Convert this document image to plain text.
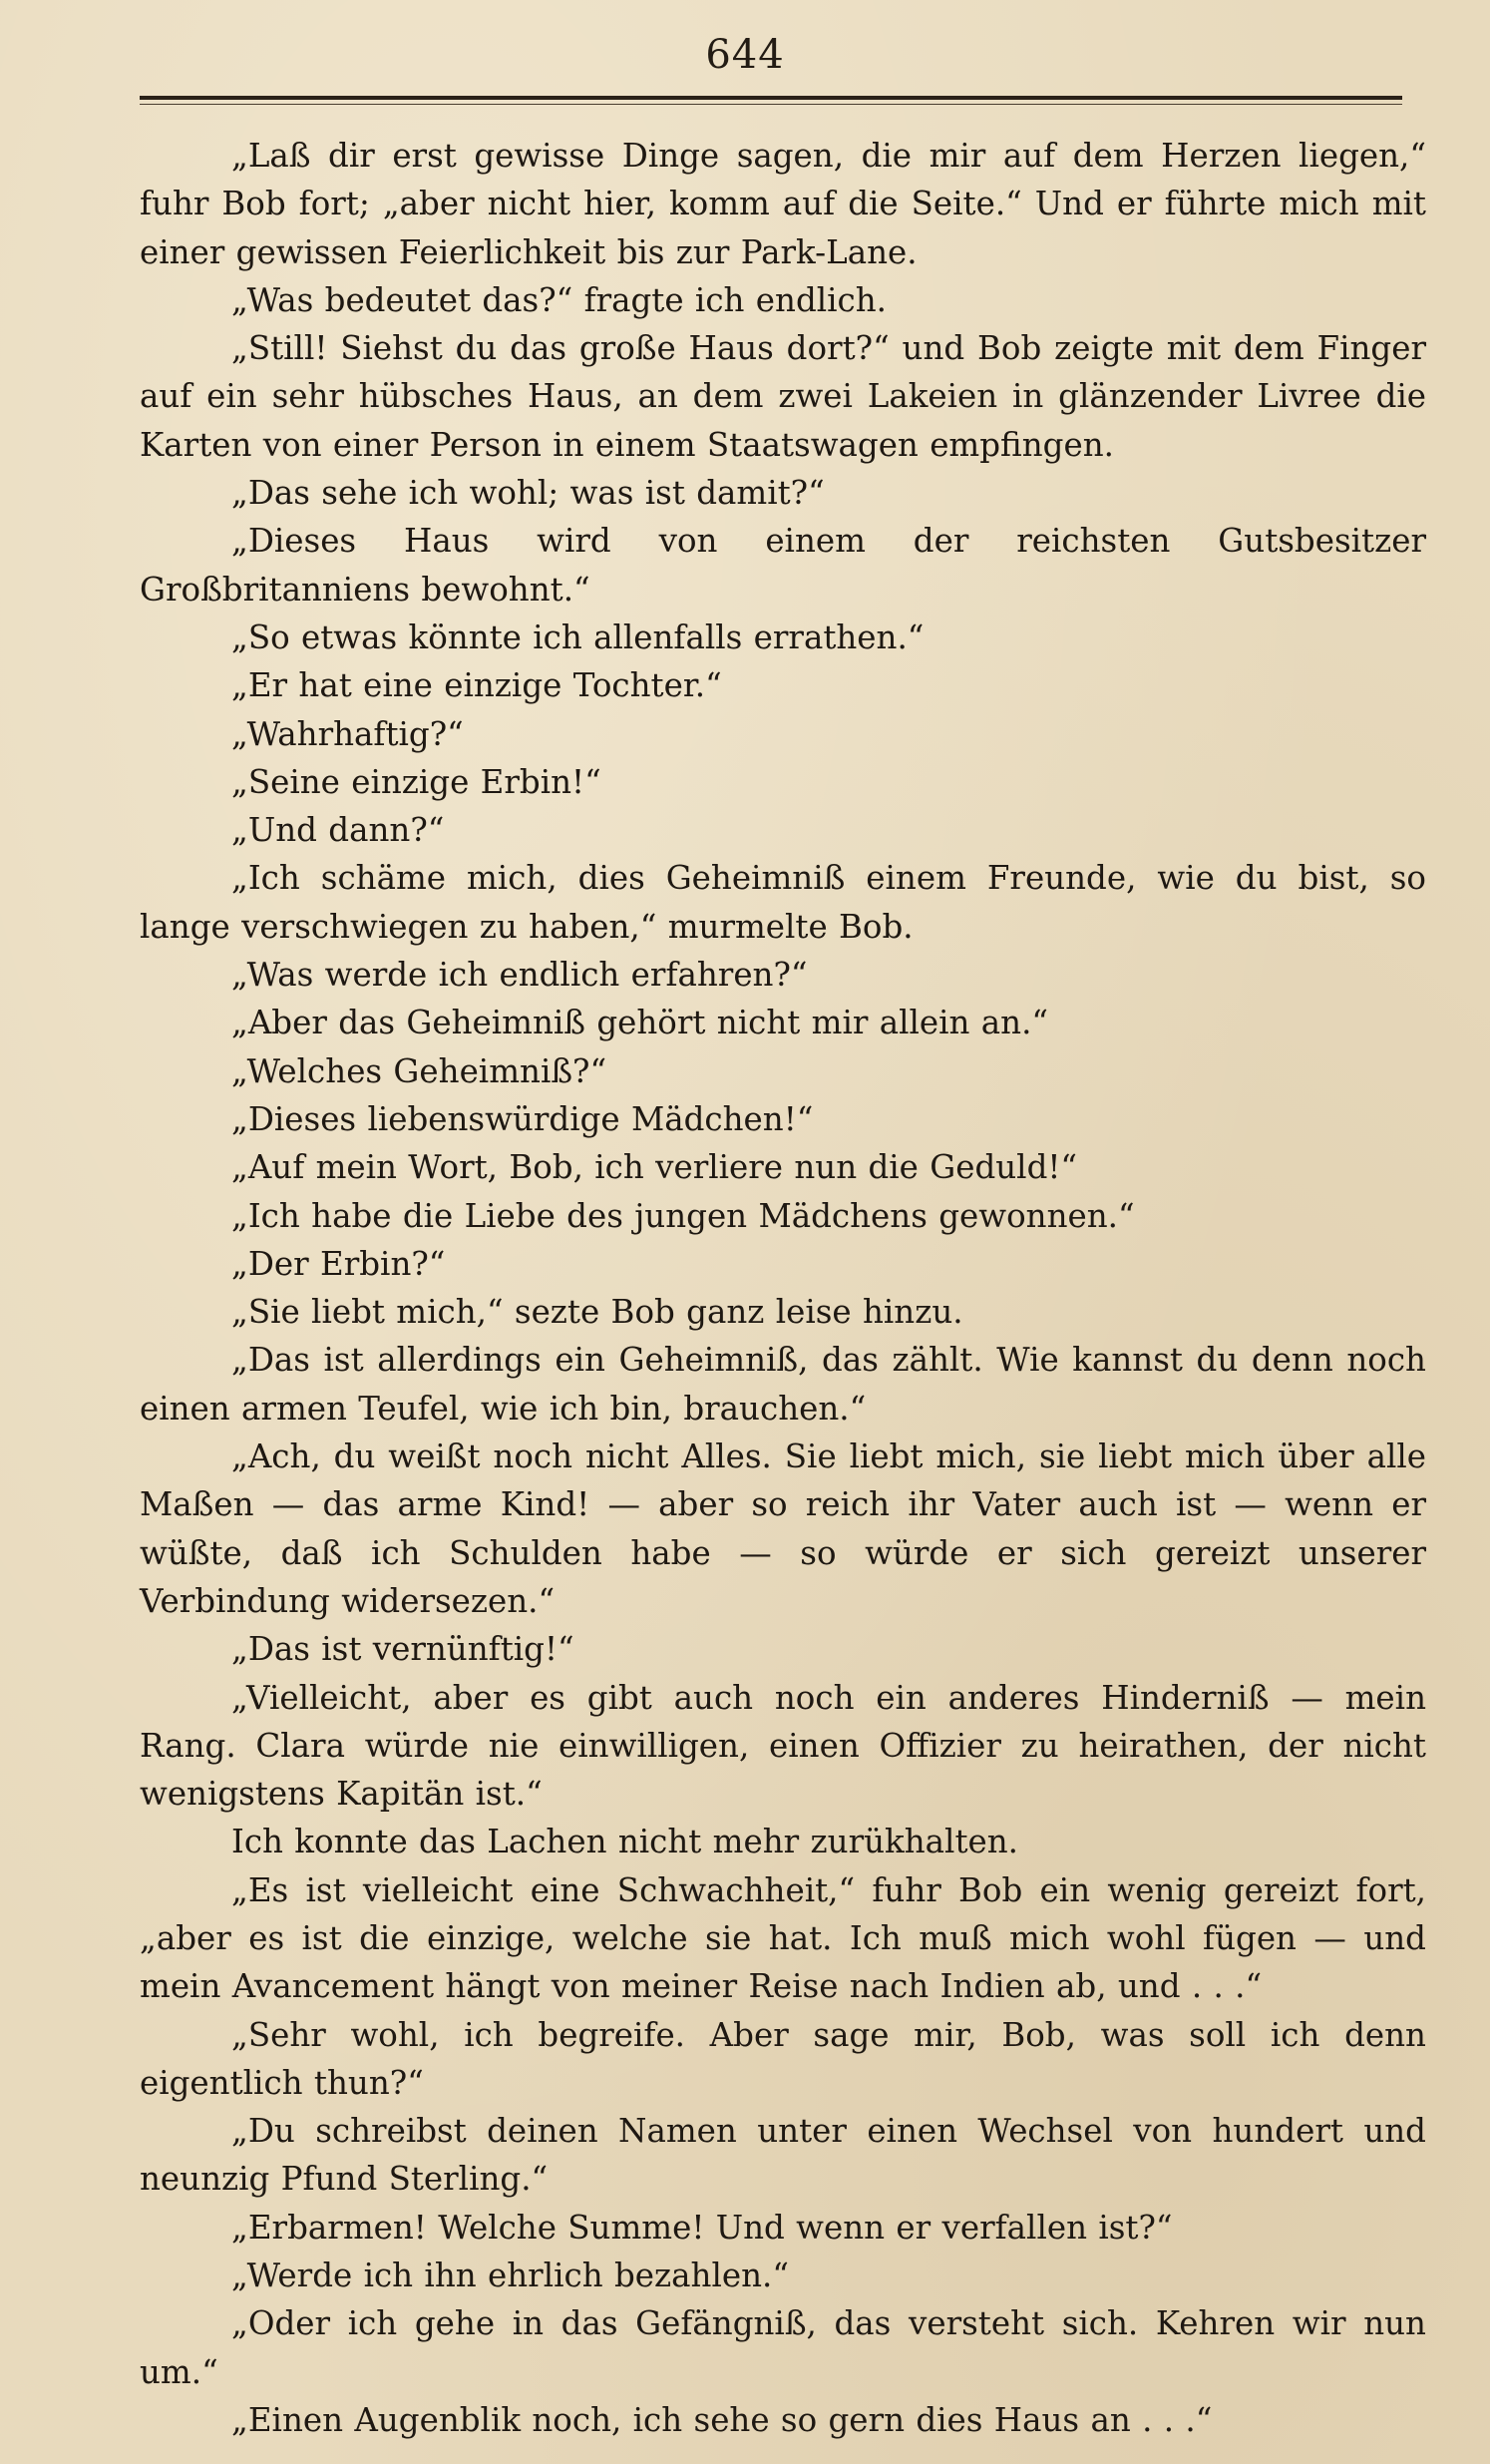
644

„Laß dir erst gewisse Dinge sagen, die mir auf dem Herzen liegen,“ fuhr Bob fort; „aber nicht hier, komm auf die Seite.“ Und er führte mich mit einer gewissen Feierlichkeit bis zur Park-Lane.

„Was bedeutet das?“ fragte ich endlich.

„Still! Siehst du das große Haus dort?“ und Bob zeigte mit dem Finger auf ein sehr hübsches Haus, an dem zwei Lakeien in glänzender Livree die Karten von einer Person in einem Staatswagen empfingen.

„Das sehe ich wohl; was ist damit?“

„Dieses Haus wird von einem der reichsten Gutsbesitzer Großbritanniens bewohnt.“

„So etwas könnte ich allenfalls errathen.“

„Er hat eine einzige Tochter.“

„Wahrhaftig?“

„Seine einzige Erbin!“

„Und dann?“

„Ich schäme mich, dies Geheimniß einem Freunde, wie du bist, so lange verschwiegen zu haben,“ murmelte Bob.

„Was werde ich endlich erfahren?“

„Aber das Geheimniß gehört nicht mir allein an.“

„Welches Geheimniß?“

„Dieses liebenswürdige Mädchen!“

„Auf mein Wort, Bob, ich verliere nun die Geduld!“

„Ich habe die Liebe des jungen Mädchens gewonnen.“

„Der Erbin?“

„Sie liebt mich,“ sezte Bob ganz leise hinzu.

„Das ist allerdings ein Geheimniß, das zählt. Wie kannst du denn noch einen armen Teufel, wie ich bin, brauchen.“

„Ach, du weißt noch nicht Alles. Sie liebt mich, sie liebt mich über alle Maßen — das arme Kind! — aber so reich ihr Vater auch ist — wenn er wüßte, daß ich Schulden habe — so würde er sich gereizt unserer Verbindung widersezen.“

„Das ist vernünftig!“

„Vielleicht, aber es gibt auch noch ein anderes Hinderniß — mein Rang. Clara würde nie einwilligen, einen Offizier zu heirathen, der nicht wenigstens Kapitän ist.“

Ich konnte das Lachen nicht mehr zurükhalten.

„Es ist vielleicht eine Schwachheit,“ fuhr Bob ein wenig gereizt fort, „aber es ist die einzige, welche sie hat. Ich muß mich wohl fügen — und mein Avancement hängt von meiner Reise nach Indien ab, und . . .“

„Sehr wohl, ich begreife. Aber sage mir, Bob, was soll ich denn eigentlich thun?“

„Du schreibst deinen Namen unter einen Wechsel von hundert und neunzig Pfund Sterling.“

„Erbarmen! Welche Summe! Und wenn er verfallen ist?“

„Werde ich ihn ehrlich bezahlen.“

„Oder ich gehe in das Gefängniß, das versteht sich. Kehren wir nun um.“

„Einen Augenblik noch, ich sehe so gern dies Haus an . . .“
